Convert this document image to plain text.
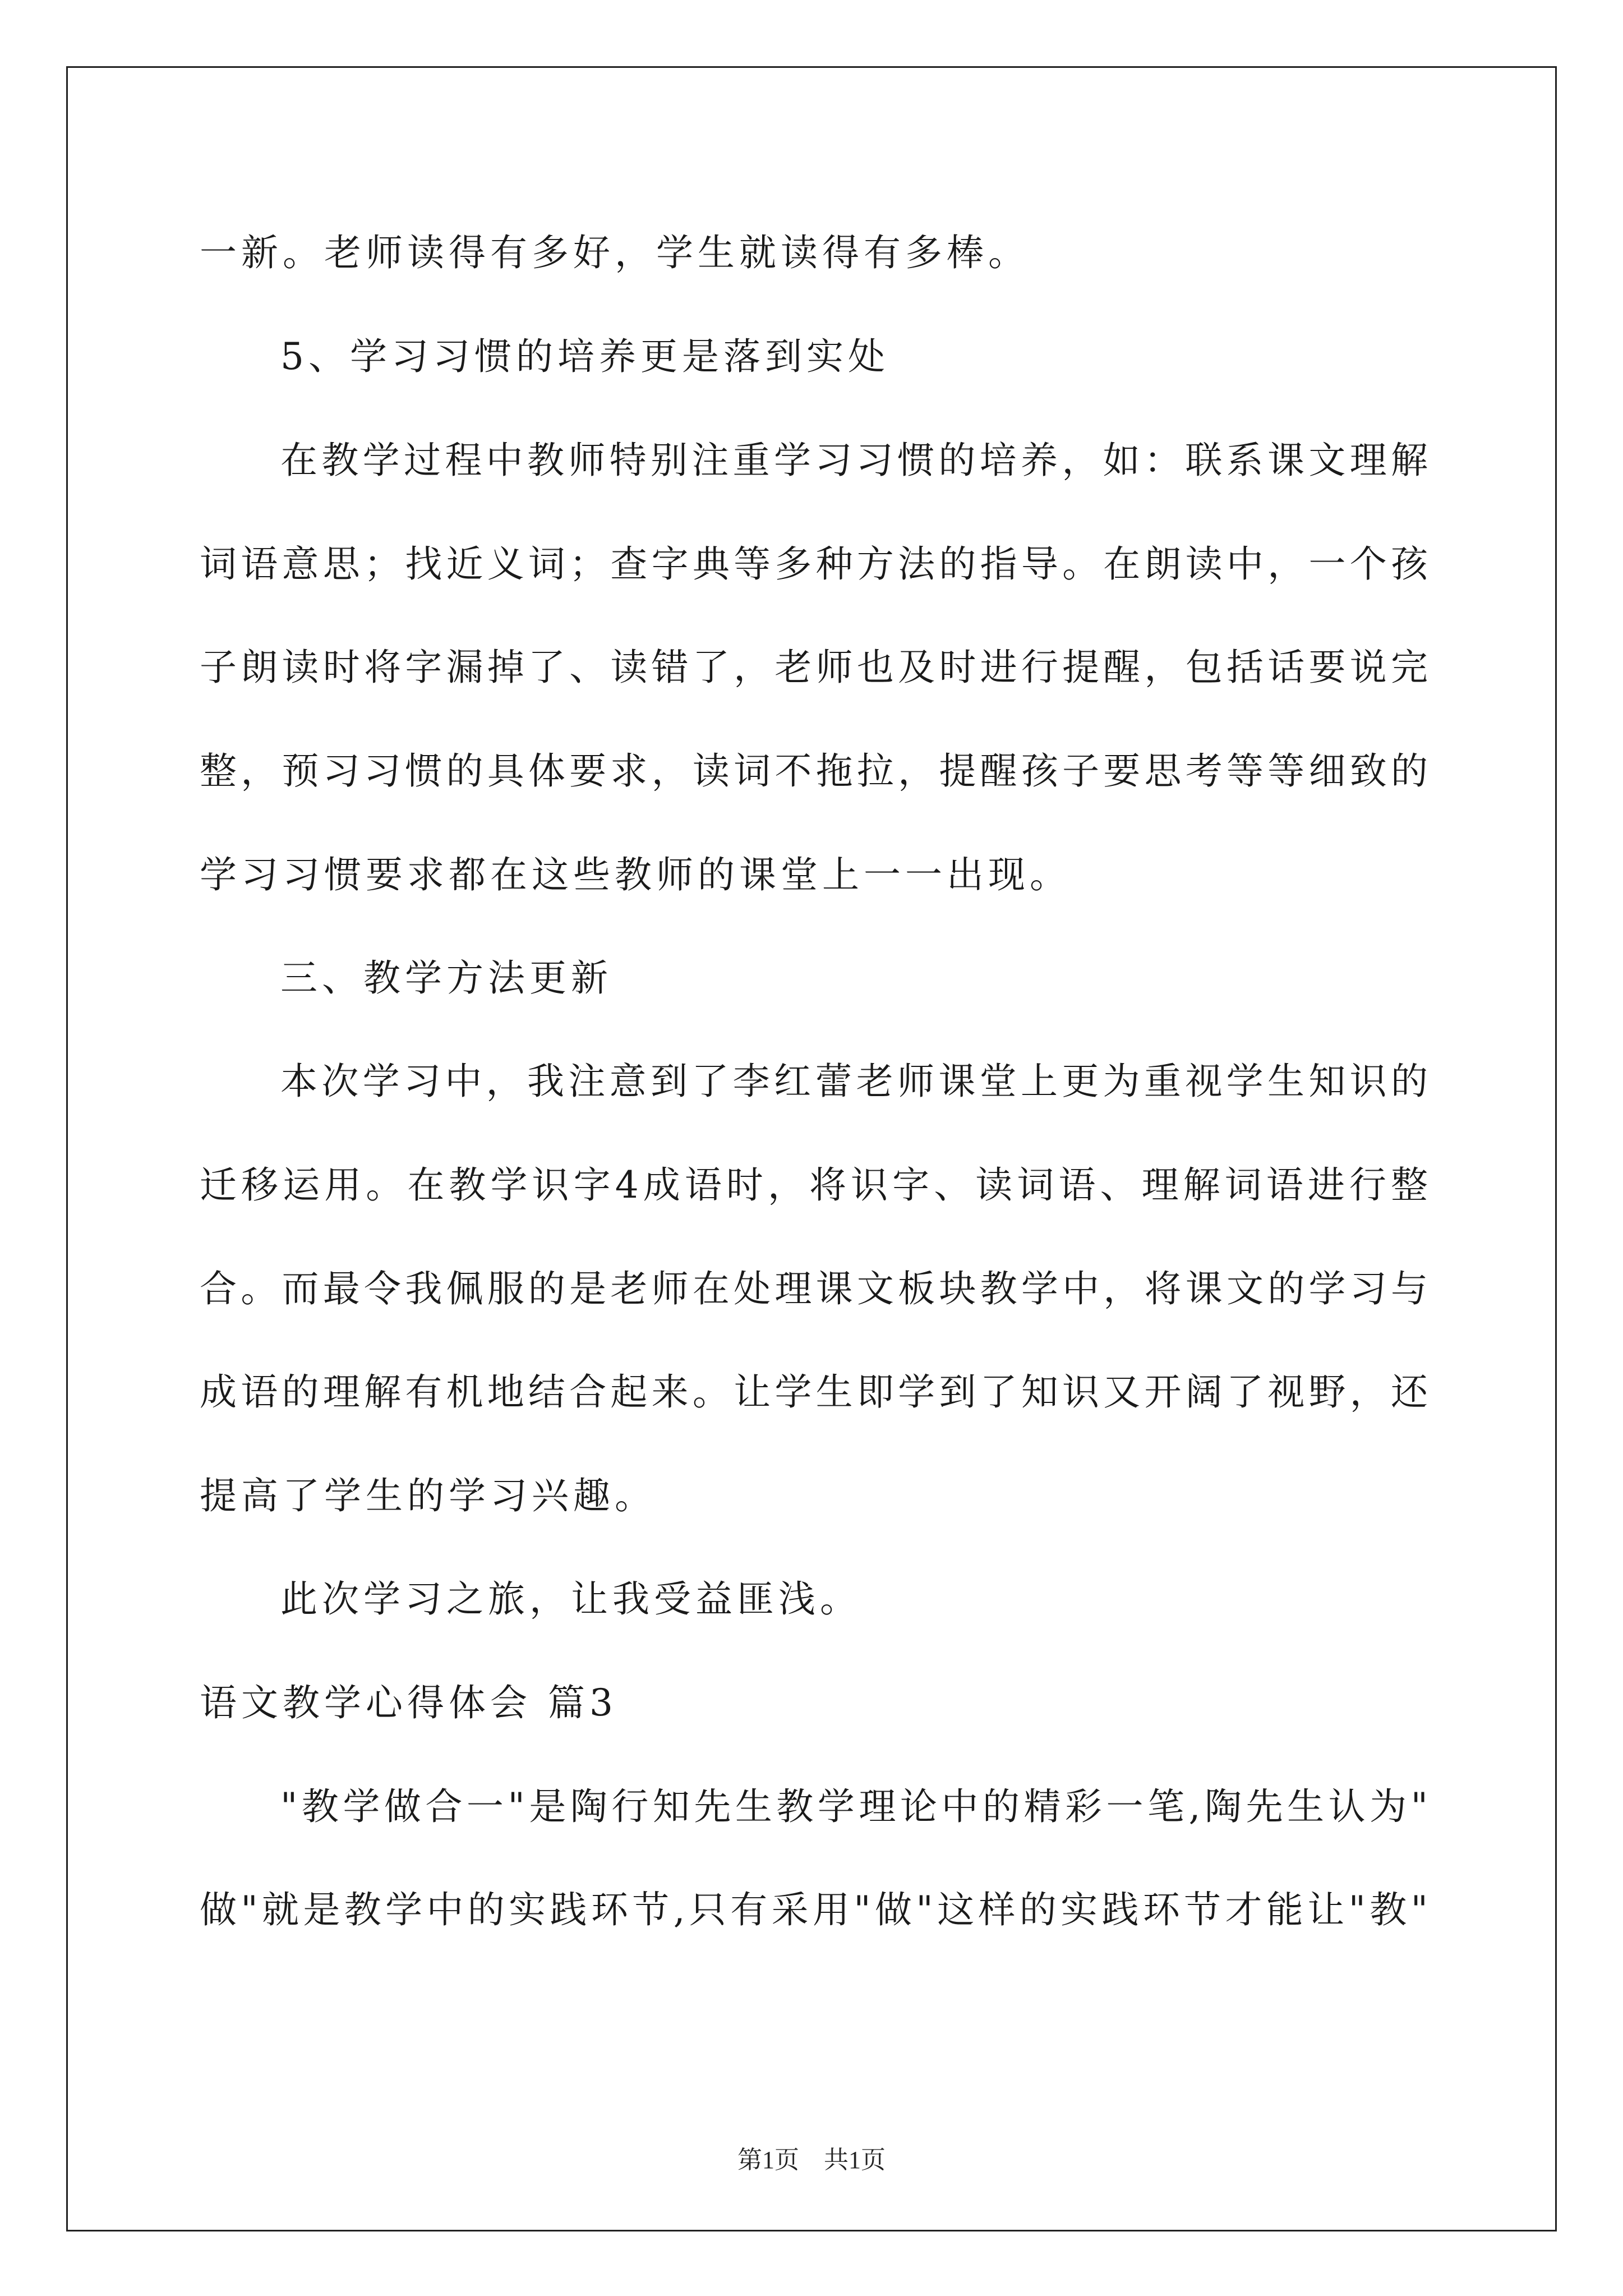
一新。老师读得有多好，学生就读得有多棒。
5、学习习惯的培养更是落到实处
在教学过程中教师特别注重学习习惯的培养，如：联系课文理解
词语意思；找近义词；查字典等多种方法的指导。在朗读中，一个孩
子朗读时将字漏掉了、读错了，老师也及时进行提醒，包括话要说完
整，预习习惯的具体要求，读词不拖拉，提醒孩子要思考等等细致的
学习习惯要求都在这些教师的课堂上一一出现。
三、教学方法更新
本次学习中，我注意到了李红蕾老师课堂上更为重视学生知识的
迁移运用。在教学识字4成语时，将识字、读词语、理解词语进行整
合。而最令我佩服的是老师在处理课文板块教学中，将课文的学习与
成语的理解有机地结合起来。让学生即学到了知识又开阔了视野，还
提高了学生的学习兴趣。
此次学习之旅，让我受益匪浅。
语文教学心得体会 篇3
"教学做合一"是陶行知先生教学理论中的精彩一笔,陶先生认为"
做"就是教学中的实践环节,只有采用"做"这样的实践环节才能让"教"
第1页　共1页
